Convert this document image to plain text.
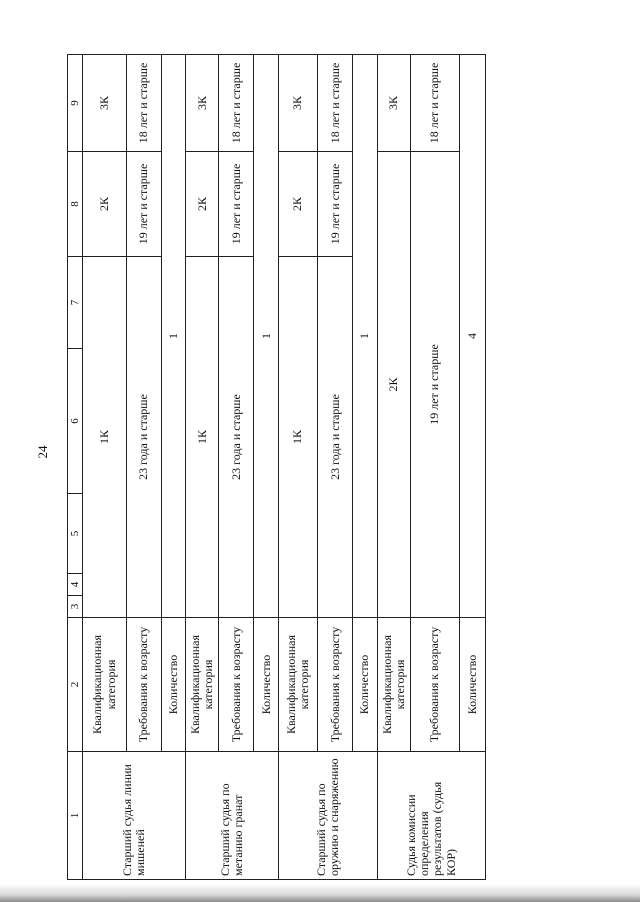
24
1	2	3	4	5	6	7	8	9
Старший судья линии мишеней	Квалификационная категория	1К					2К	3К
	Требования к возрасту	23 года и старше					19 лет и старше	18 лет и старше
	Количество	1						
Старший судья по метанию гранат	Квалификационная категория	1К					2К	3К
	Требования к возрасту	23 года и старше					19 лет и старше	18 лет и старше
	Количество	1						
Старший судья по оружию и снаряжению	Квалификационная категория	1К					2К	3К
	Требования к возрасту	23 года и старше					19 лет и старше	18 лет и старше
	Количество	1						
Судья комиссии определения результатов (судья КОР)	Квалификационная категория	2К						3К
	Требования к возрасту	19 лет и старше						18 лет и старше
	Количество	4						
